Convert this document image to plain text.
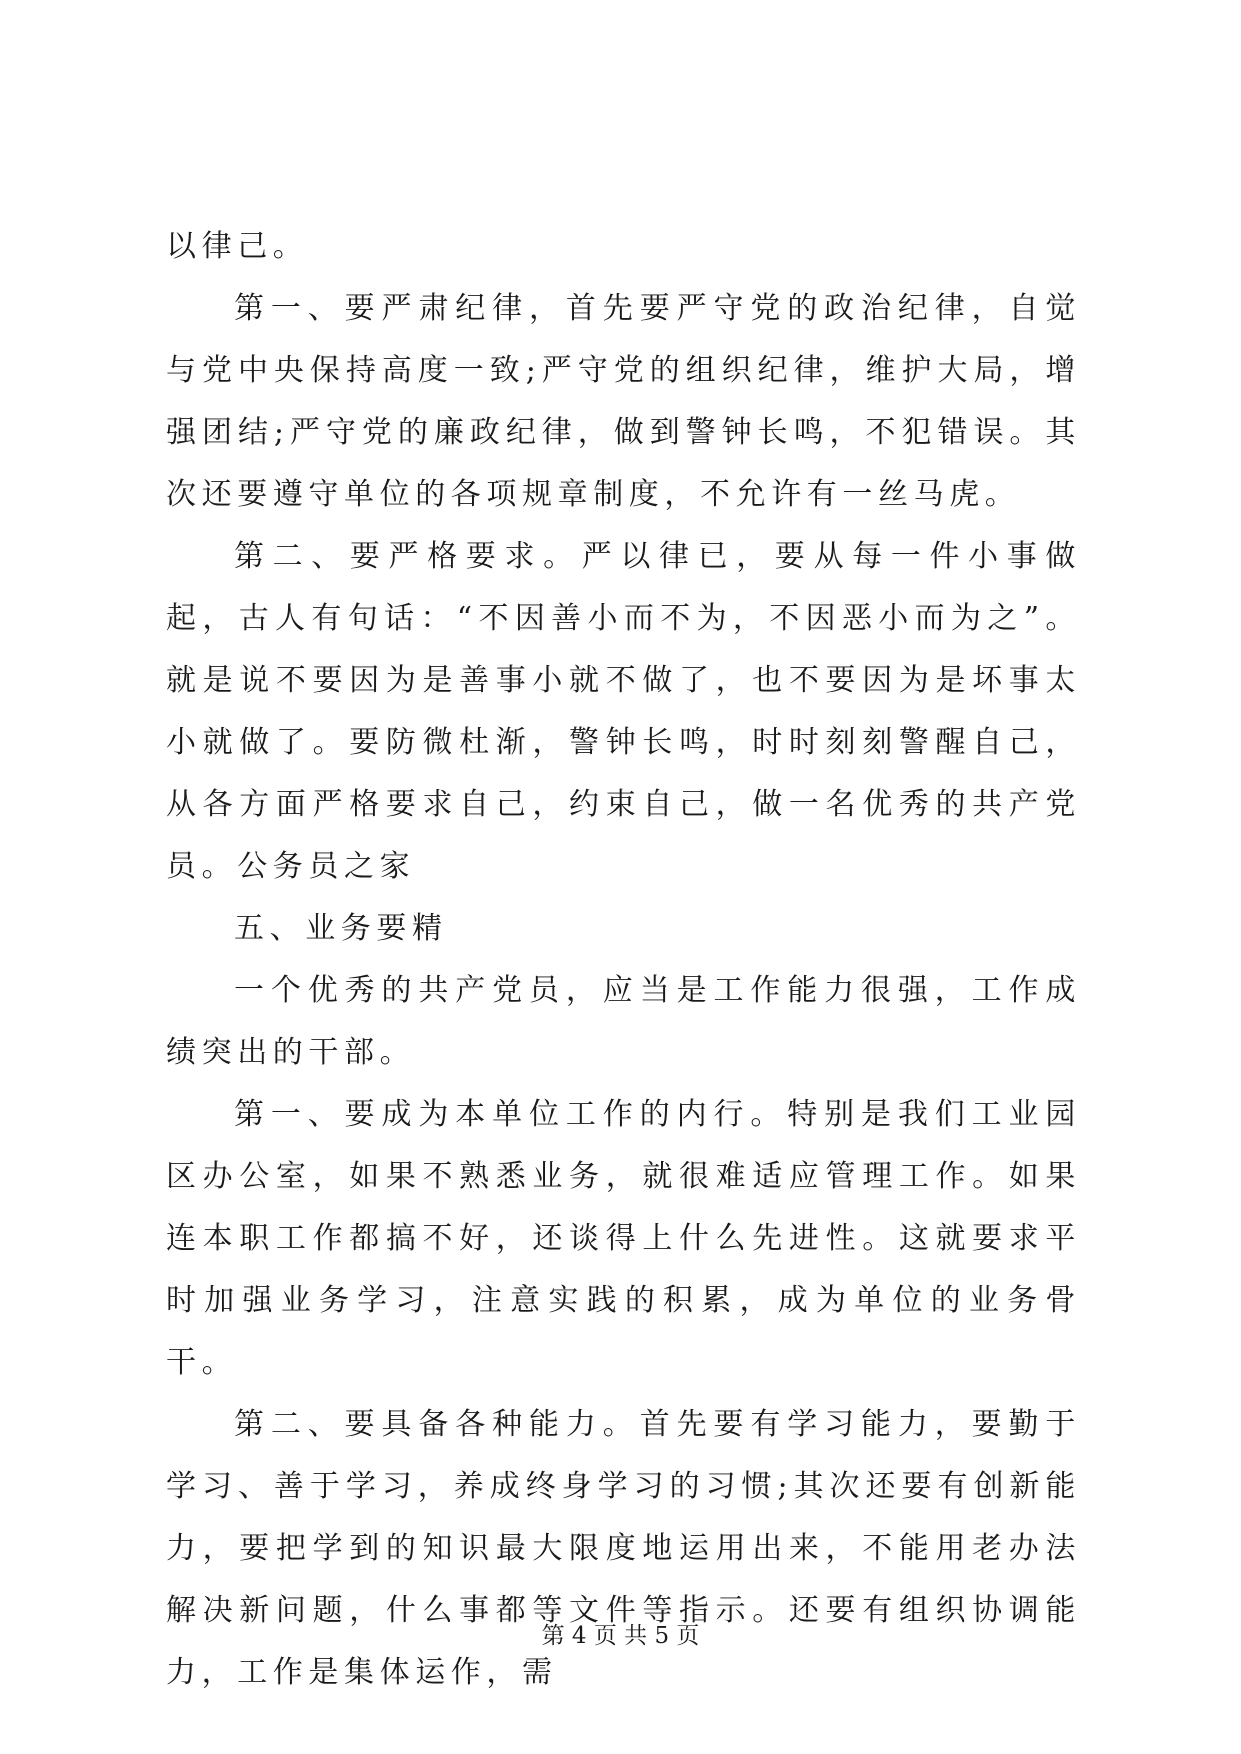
以律己。

第一、要严肃纪律，首先要严守党的政治纪律，自觉与党中央保持高度一致;严守党的组织纪律，维护大局，增强团结;严守党的廉政纪律，做到警钟长鸣，不犯错误。其次还要遵守单位的各项规章制度，不允许有一丝马虎。

第二、要严格要求。严以律已，要从每一件小事做起，古人有句话：“不因善小而不为，不因恶小而为之”。就是说不要因为是善事小就不做了，也不要因为是坏事太小就做了。要防微杜渐，警钟长鸣，时时刻刻警醒自己，从各方面严格要求自己，约束自己，做一名优秀的共产党员。公务员之家

五、业务要精

一个优秀的共产党员，应当是工作能力很强，工作成绩突出的干部。

第一、要成为本单位工作的内行。特别是我们工业园区办公室，如果不熟悉业务，就很难适应管理工作。如果连本职工作都搞不好，还谈得上什么先进性。这就要求平时加强业务学习，注意实践的积累，成为单位的业务骨干。

第二、要具备各种能力。首先要有学习能力，要勤于学习、善于学习，养成终身学习的习惯;其次还要有创新能力，要把学到的知识最大限度地运用出来，不能用老办法解决新问题，什么事都等文件等指示。还要有组织协调能力，工作是集体运作，需

第 4 页 共 5 页
